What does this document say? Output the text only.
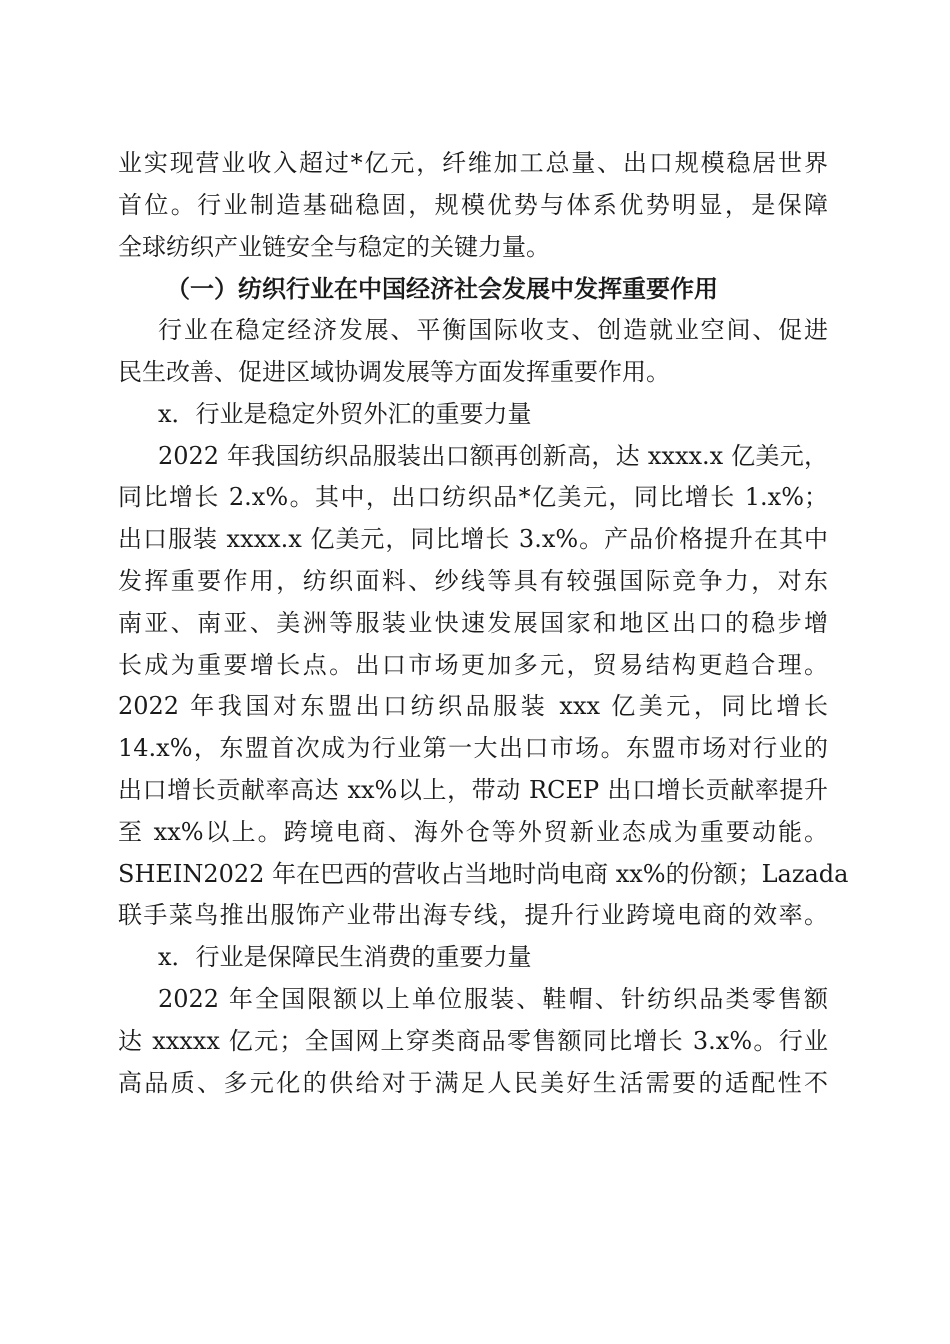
业实现营业收入超过*亿元，纤维加工总量、出口规模稳居世界
首位。行业制造基础稳固，规模优势与体系优势明显，是保障
全球纺织产业链安全与稳定的关键力量。
（一）纺织行业在中国经济社会发展中发挥重要作用
行业在稳定经济发展、平衡国际收支、创造就业空间、促进
民生改善、促进区域协调发展等方面发挥重要作用。
x．行业是稳定外贸外汇的重要力量
2022 年我国纺织品服装出口额再创新高，达 xxxx.x 亿美元，
同比增长 2.x%。其中，出口纺织品*亿美元，同比增长 1.x%；
出口服装 xxxx.x 亿美元，同比增长 3.x%。产品价格提升在其中
发挥重要作用，纺织面料、纱线等具有较强国际竞争力，对东
南亚、南亚、美洲等服装业快速发展国家和地区出口的稳步增
长成为重要增长点。出口市场更加多元，贸易结构更趋合理。
2022 年我国对东盟出口纺织品服装 xxx 亿美元，同比增长
14.x%，东盟首次成为行业第一大出口市场。东盟市场对行业的
出口增长贡献率高达 xx%以上，带动 RCEP 出口增长贡献率提升
至 xx%以上。跨境电商、海外仓等外贸新业态成为重要动能。
SHEIN2022 年在巴西的营收占当地时尚电商 xx%的份额；Lazada
联手菜鸟推出服饰产业带出海专线，提升行业跨境电商的效率。
x．行业是保障民生消费的重要力量
2022 年全国限额以上单位服装、鞋帽、针纺织品类零售额
达 xxxxx 亿元；全国网上穿类商品零售额同比增长 3.x%。行业
高品质、多元化的供给对于满足人民美好生活需要的适配性不
